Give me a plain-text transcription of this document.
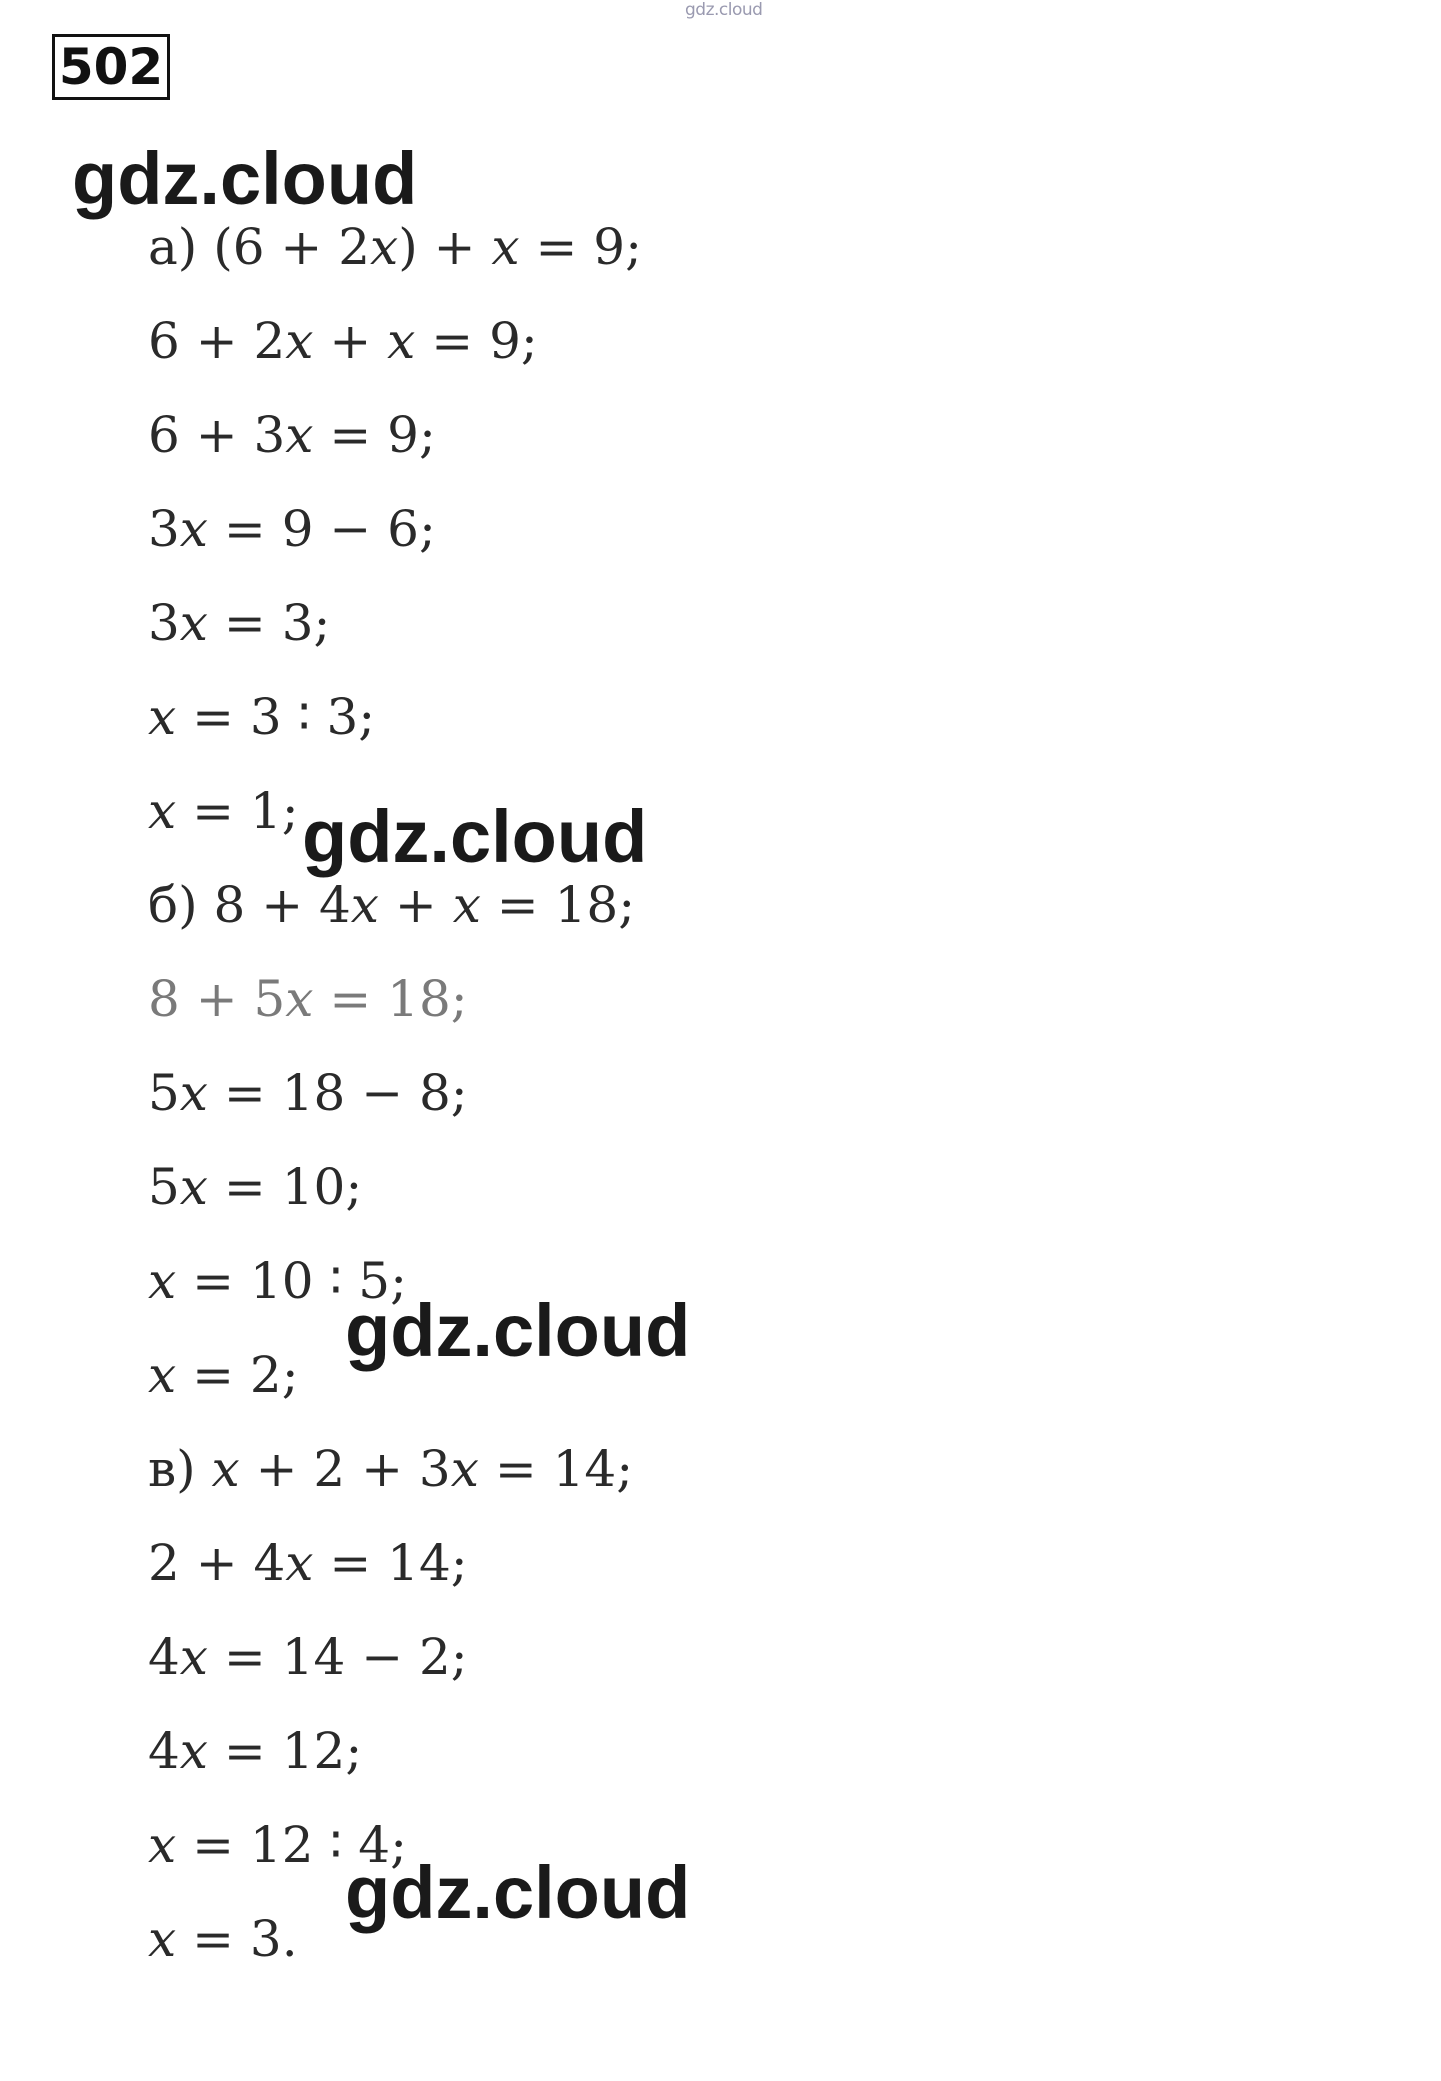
gdz.cloud
502
gdz.cloud
а) (6 + 2𝑥) + 𝑥 = 9;
6 + 2𝑥 + 𝑥 = 9;
6 + 3𝑥 = 9;
3𝑥 = 9 − 6;
3𝑥 = 3;
𝑥 = 3 ∶ 3;
𝑥 = 1; gdz.cloud
б) 8 + 4𝑥 + 𝑥 = 18;
8 + 5𝑥 = 18;
5𝑥 = 18 − 8;
5𝑥 = 10;
𝑥 = 10 ∶ 5;
𝑥 = 2;
gdz.cloud
в) 𝑥 + 2 + 3𝑥 = 14;
2 + 4𝑥 = 14;
4𝑥 = 14 − 2;
4𝑥 = 12;
𝑥 = 12 ∶ 4;
𝑥 = 3.
gdz.cloud
